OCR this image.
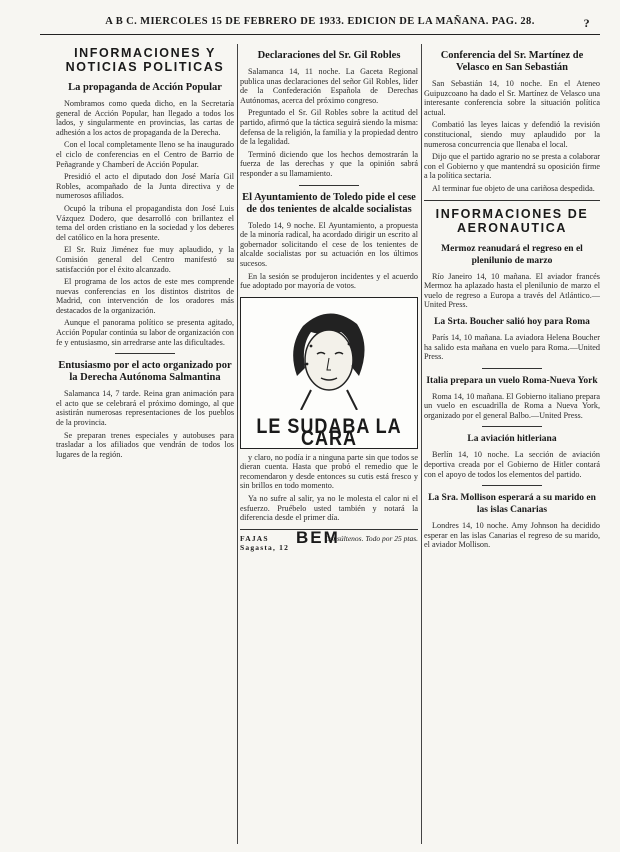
A B C. MIERCOLES 15 DE FEBRERO DE 1933. EDICION DE LA MAÑANA. PAG. 28.	?
INFORMACIONES Y NOTICIAS POLITICAS
La propaganda de Acción Popular

Nombramos como queda dicho, en la Secretaría general de Acción Popular, han llegado a todos los lados, y singularmente en provincias, las cartas de adhesión a los actos de propaganda de la Derecha.

Con el local completamente lleno se ha inaugurado el ciclo de conferencias en el Centro de Barrio de Peñagrande y Chamberí de Acción Popular.

Presidió el acto el diputado don José María Gil Robles, acompañado de la Junta directiva y de numerosos afiliados.

Ocupó la tribuna el propagandista don José Luis Vázquez Dodero, que desarrolló con brillantez el tema del orden cristiano en la sociedad y los deberes del católico en la hora presente.

El Sr. Ruiz Jiménez fue muy aplaudido, y la Comisión general del Centro manifestó su satisfacción por el éxito alcanzado.

El programa de los actos de este mes comprende nuevas conferencias en los distintos distritos de Madrid, con intervención de los oradores más destacados de la organización.

Aunque el panorama político se presenta agitado, Acción Popular continúa su labor de organización con fe y entusiasmo, sin arredrarse ante las dificultades.

Entusiasmo por el acto organizado por la Derecha Autónoma Salmantina

Salamanca 14, 7 tarde. Reina gran animación para el acto que se celebrará el próximo domingo, al que asistirán numerosas representaciones de los pueblos de la provincia.

Se preparan trenes especiales y autobuses para trasladar a los afiliados que vendrán de todos los lugares de la región.

Declaraciones del Sr. Gil Robles

Salamanca 14, 11 noche. La Gaceta Regional publica unas declaraciones del señor Gil Robles, líder de la Confederación Española de Derechas Autónomas, acerca del próximo congreso.

Preguntado el Sr. Gil Robles sobre la actitud del partido, afirmó que la táctica seguirá siendo la misma: defensa de la religión, la familia y la propiedad dentro de la legalidad.

Terminó diciendo que los hechos demostrarán la fuerza de las derechas y que la opinión sabrá responder a su llamamiento.

El Ayuntamiento de Toledo pide el cese de dos tenientes de alcalde socialistas

Toledo 14, 9 noche. El Ayuntamiento, a propuesta de la minoría radical, ha acordado dirigir un escrito al gobernador solicitando el cese de los tenientes de alcalde socialistas por su actuación en los últimos sucesos.

En la sesión se produjeron incidentes y el acuerdo fue adoptado por mayoría de votos.

LE SUDABA LA CARA

y claro, no podía ir a ninguna parte sin que todos se dieran cuenta. Hasta que probó el remedio que le recomendaron y desde entonces su cutis está fresco y sin brillos en todo momento.

Ya no sufre al salir, ya no le molesta el calor ni el esfuerzo. Pruébelo usted también y notará la diferencia desde el primer día.

FAJAS Sagasta, 12
BEM
Consúltenos. Todo por 25 ptas.
Conferencia del Sr. Martínez de Velasco en San Sebastián

San Sebastián 14, 10 noche. En el Ateneo Guipuzcoano ha dado el Sr. Martínez de Velasco una interesante conferencia sobre la situación política actual.

Combatió las leyes laicas y defendió la revisión constitucional, siendo muy aplaudido por la numerosa concurrencia que llenaba el local.

Dijo que el partido agrario no se presta a colaborar con el Gobierno y que mantendrá su oposición firme a la política sectaria.

Al terminar fue objeto de una cariñosa despedida.

INFORMACIONES DE AERONAUTICA
Mermoz reanudará el regreso en el plenilunio de marzo

Río Janeiro 14, 10 mañana. El aviador francés Mermoz ha aplazado hasta el plenilunio de marzo el vuelo de regreso a Europa a través del Atlántico.—United Press.

La Srta. Boucher salió hoy para Roma

París 14, 10 mañana. La aviadora Helena Boucher ha salido esta mañana en vuelo para Roma.—United Press.

Italia prepara un vuelo Roma-Nueva York

Roma 14, 10 mañana. El Gobierno italiano prepara un vuelo en escuadrilla de Roma a Nueva York, organizado por el general Balbo.—United Press.

La aviación hitleriana

Berlín 14, 10 noche. La sección de aviación deportiva creada por el Gobierno de Hitler contará con el apoyo de todos los elementos del partido.

La Sra. Mollison esperará a su marido en las islas Canarias

Londres 14, 10 noche. Amy Johnson ha decidido esperar en las islas Canarias el regreso de su marido, el aviador Mollison.
